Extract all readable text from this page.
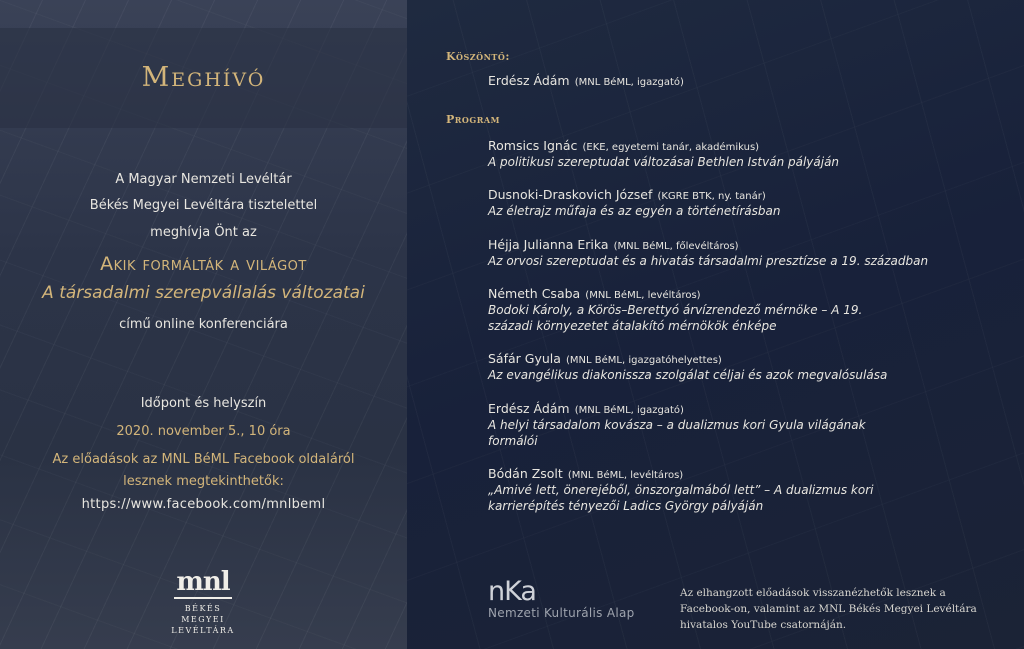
Meghívó
A Magyar Nemzeti Levéltár
Békés Megyei Levéltára tisztelettel
meghívja Önt az
Akik formálták a világot
A társadalmi szerepvállalás változatai
című online konferenciára
Időpont és helyszín
2020. november 5., 10 óra
Az előadások az MNL BéML Facebook oldaláról
lesznek megtekinthetők:
https://www.facebook.com/mnlbeml
mnl
BÉKÉS MEGYEI
LEVÉLTÁRA
Köszöntő:
Erdész Ádám (MNL BéML, igazgató)
Program
Romsics Ignác (EKE, egyetemi tanár, akadémikus)
A politikusi szereptudat változásai Bethlen István pályáján
Dusnoki-Draskovich József (KGRE BTK, ny. tanár)
Az életrajz műfaja és az egyén a történetírásban
Héjja Julianna Erika (MNL BéML, főlevéltáros)
Az orvosi szereptudat és a hivatás társadalmi presztízse a 19. században
Németh Csaba (MNL BéML, levéltáros)
Bodoki Károly, a Körös–Berettyó árvízrendező mérnöke – A 19.
századi környezetet átalakító mérnökök énképe
Sáfár Gyula (MNL BéML, igazgatóhelyettes)
Az evangélikus diakonissza szolgálat céljai és azok megvalósulása
Erdész Ádám (MNL BéML, igazgató)
A helyi társadalom kovásza – a dualizmus kori Gyula világának
formálói
Bódán Zsolt (MNL BéML, levéltáros)
„Amivé lett, önerejéből, önszorgalmából lett” – A dualizmus kori
karrierépítés tényezői Ladics György pályáján
nKa
Nemzeti Kulturális Alap
Az elhangzott előadások visszanézhetők lesznek a
Facebook-on, valamint az MNL Békés Megyei Levéltára
hivatalos YouTube csatornáján.
